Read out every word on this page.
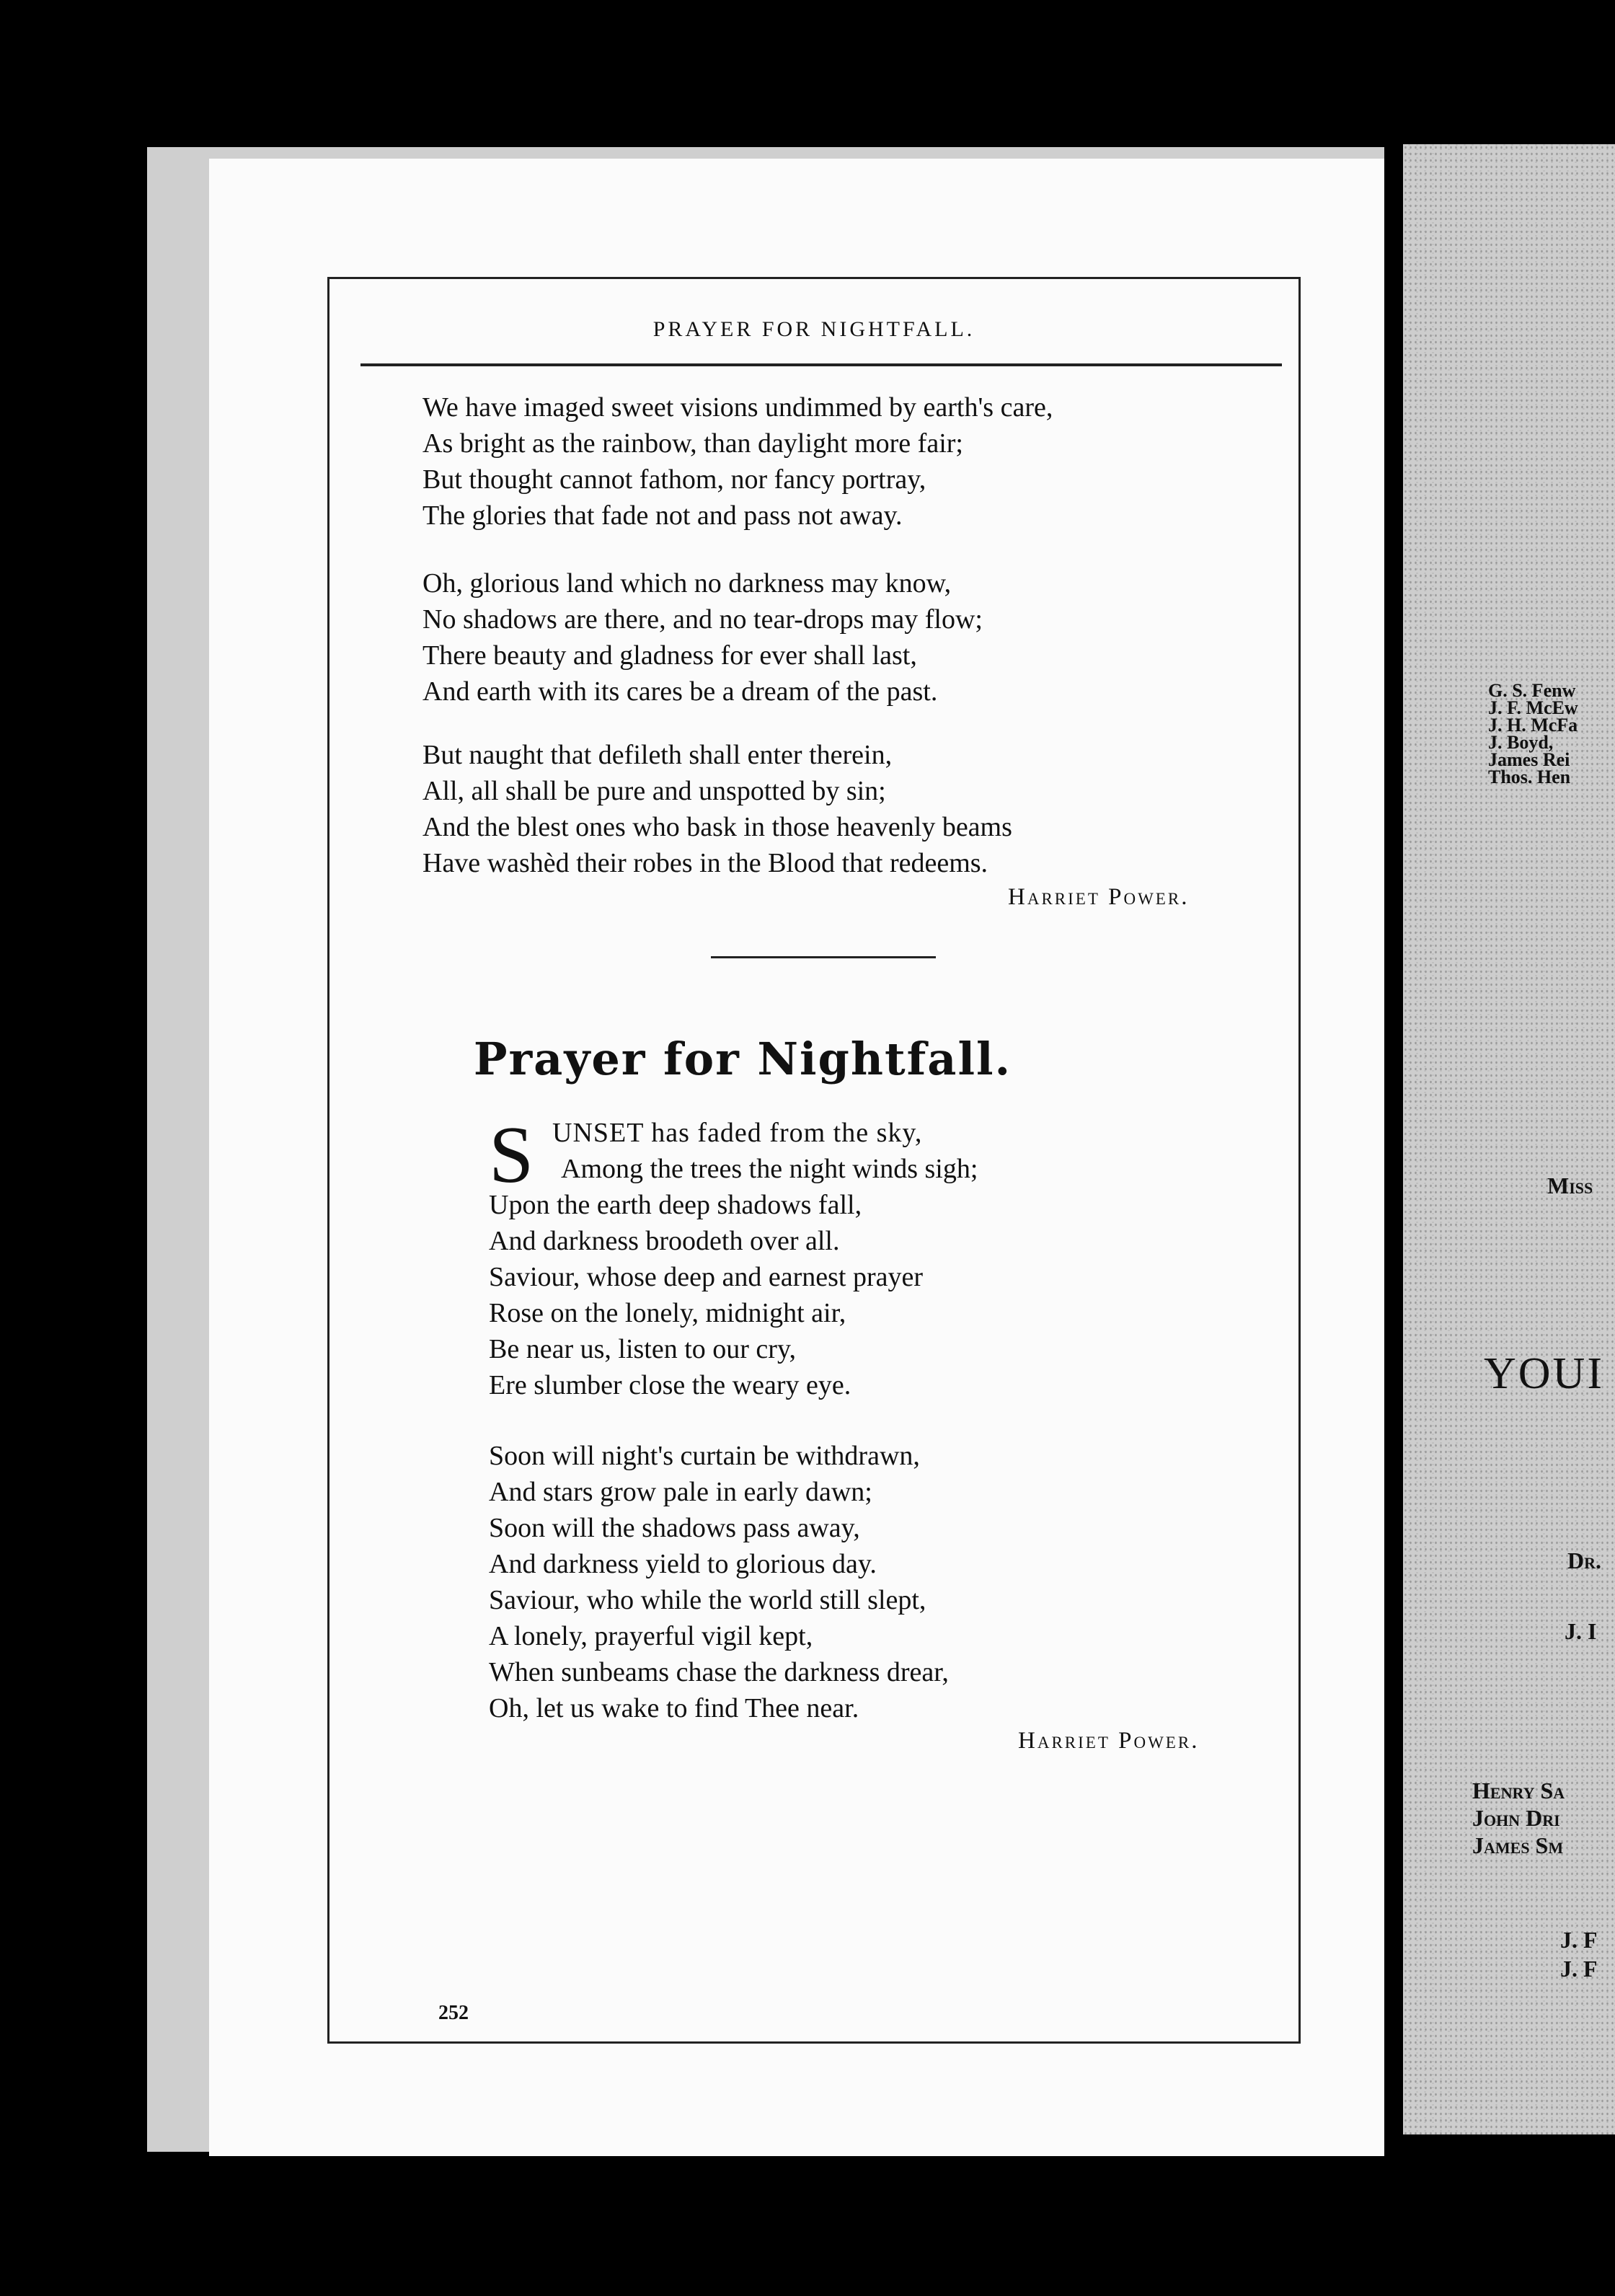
PRAYER FOR NIGHTFALL.
We have imaged sweet visions undimmed by earth's care,
As bright as the rainbow, than daylight more fair;
But thought cannot fathom, nor fancy portray,
The glories that fade not and pass not away.
Oh, glorious land which no darkness may know,
No shadows are there, and no tear-drops may flow;
There beauty and gladness for ever shall last,
And earth with its cares be a dream of the past.
But naught that defileth shall enter therein,
All, all shall be pure and unspotted by sin;
And the blest ones who bask in those heavenly beams
Have washèd their robes in the Blood that redeems.
Harriet Power.
Prayer for Nightfall.
S UNSET has faded from the sky,
Among the trees the night winds sigh;
Upon the earth deep shadows fall,
And darkness broodeth over all.
Saviour, whose deep and earnest prayer
Rose on the lonely, midnight air,
Be near us, listen to our cry,
Ere slumber close the weary eye.
Soon will night's curtain be withdrawn,
And stars grow pale in early dawn;
Soon will the shadows pass away,
And darkness yield to glorious day.
Saviour, who while the world still slept,
A lonely, prayerful vigil kept,
When sunbeams chase the darkness drear,
Oh, let us wake to find Thee near.
Harriet Power.
252
G. S. Fenw
J. F. McEw
J. H. McFa
J. Boyd,
James Rei
Thos. Hen
Miss
YOUI
Dr.
J. I
Henry Sa
John Dri
James Sm
J. F
J. F
